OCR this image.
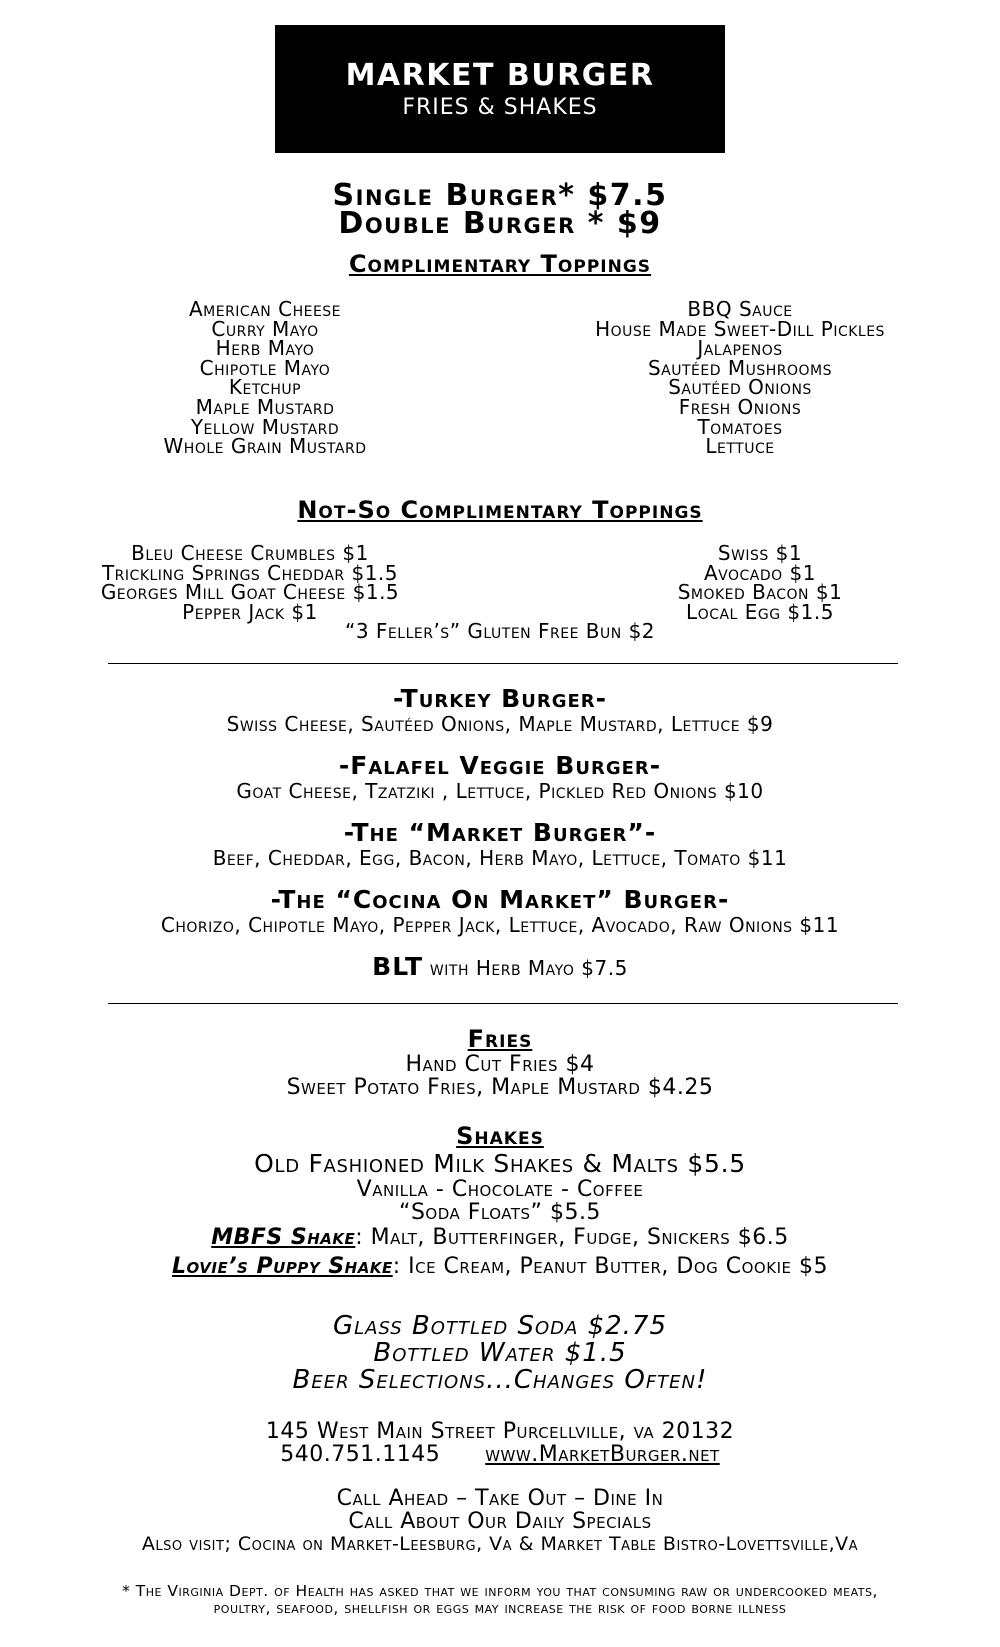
MARKET BURGER
FRIES & SHAKES
Single Burger* $7.5
Double Burger * $9
Complimentary Toppings
American Cheese
Curry Mayo
Herb Mayo
Chipotle Mayo
Ketchup
Maple Mustard
Yellow Mustard
Whole Grain Mustard
BBQ Sauce
House Made Sweet-Dill Pickles
Jalapenos
Sautéed Mushrooms
Sautéed Onions
Fresh Onions
Tomatoes
Lettuce
Not-So Complimentary Toppings
Bleu Cheese Crumbles $1
Trickling Springs Cheddar $1.5
Georges Mill Goat Cheese $1.5
Pepper Jack $1
Swiss $1
Avocado $1
Smoked Bacon $1
Local Egg $1.5
“3 Feller’s” Gluten Free Bun $2
-Turkey Burger-
Swiss Cheese, Sautéed Onions, Maple Mustard, Lettuce $9
-Falafel Veggie Burger-
Goat Cheese, Tzatziki , Lettuce, Pickled Red Onions $10
-The “Market Burger”-
Beef, Cheddar, Egg, Bacon, Herb Mayo, Lettuce, Tomato $11
-The “Cocina On Market” Burger-
Chorizo, Chipotle Mayo, Pepper Jack, Lettuce, Avocado, Raw Onions $11
BLT with Herb Mayo $7.5
Fries
Hand Cut Fries $4
Sweet Potato Fries, Maple Mustard $4.25
Shakes
Old Fashioned Milk Shakes & Malts $5.5
Vanilla - Chocolate - Coffee
“Soda Floats” $5.5
MBFS Shake: Malt, Butterfinger, Fudge, Snickers $6.5
Lovie’s Puppy Shake: Ice Cream, Peanut Butter, Dog Cookie $5
Glass Bottled Soda $2.75
Bottled Water $1.5
Beer Selections...Changes Often!
145 West Main Street Purcellville, va 20132
540.751.1145 www.MarketBurger.net
Call Ahead – Take Out – Dine In
Call About Our Daily Specials
Also visit; Cocina on Market-Leesburg, Va & Market Table Bistro-Lovettsville,Va
* The Virginia Dept. of Health has asked that we inform you that consuming raw or undercooked meats,
poultry, seafood, shellfish or eggs may increase the risk of food borne illness
